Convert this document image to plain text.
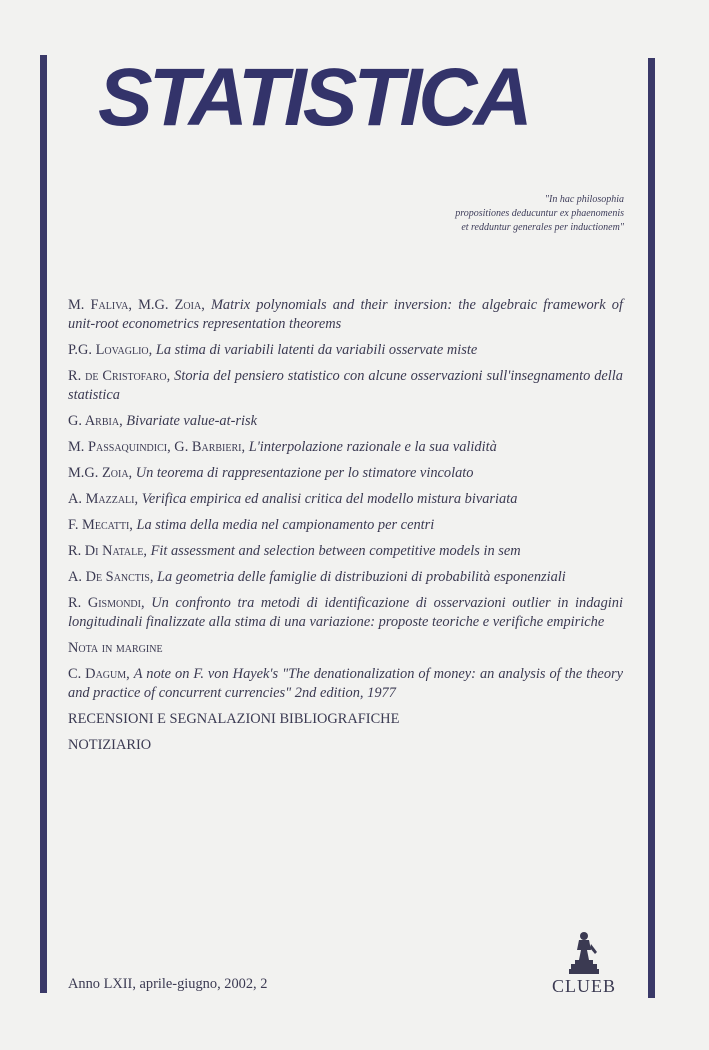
STATISTICA
"In hac philosophia
propositiones deducuntur ex phaenomenis
et redduntur generales per inductionem"
M. Faliva, M.G. Zoia, Matrix polynomials and their inversion: the algebraic framework of unit-root econometrics representation theorems
P.G. Lovaglio, La stima di variabili latenti da variabili osservate miste
R. de Cristofaro, Storia del pensiero statistico con alcune osservazioni sull'insegnamento della statistica
G. Arbia, Bivariate value-at-risk
M. Passaquindici, G. Barbieri, L'interpolazione razionale e la sua validità
M.G. Zoia, Un teorema di rappresentazione per lo stimatore vincolato
A. Mazzali, Verifica empirica ed analisi critica del modello mistura bivariata
F. Mecatti, La stima della media nel campionamento per centri
R. Di Natale, Fit assessment and selection between competitive models in sem
A. De Sanctis, La geometria delle famiglie di distribuzioni di probabilità esponenziali
R. Gismondi, Un confronto tra metodi di identificazione di osservazioni outlier in indagini longitudinali finalizzate alla stima di una variazione: proposte teoriche e verifiche empiriche
Nota in margine
C. Dagum, A note on F. von Hayek's "The denationalization of money: an analysis of the theory and practice of concurrent currencies" 2nd edition, 1977
RECENSIONI E SEGNALAZIONI BIBLIOGRAFICHE
NOTIZIARIO
Anno LXII, aprile-giugno, 2002, 2	CLUEB
